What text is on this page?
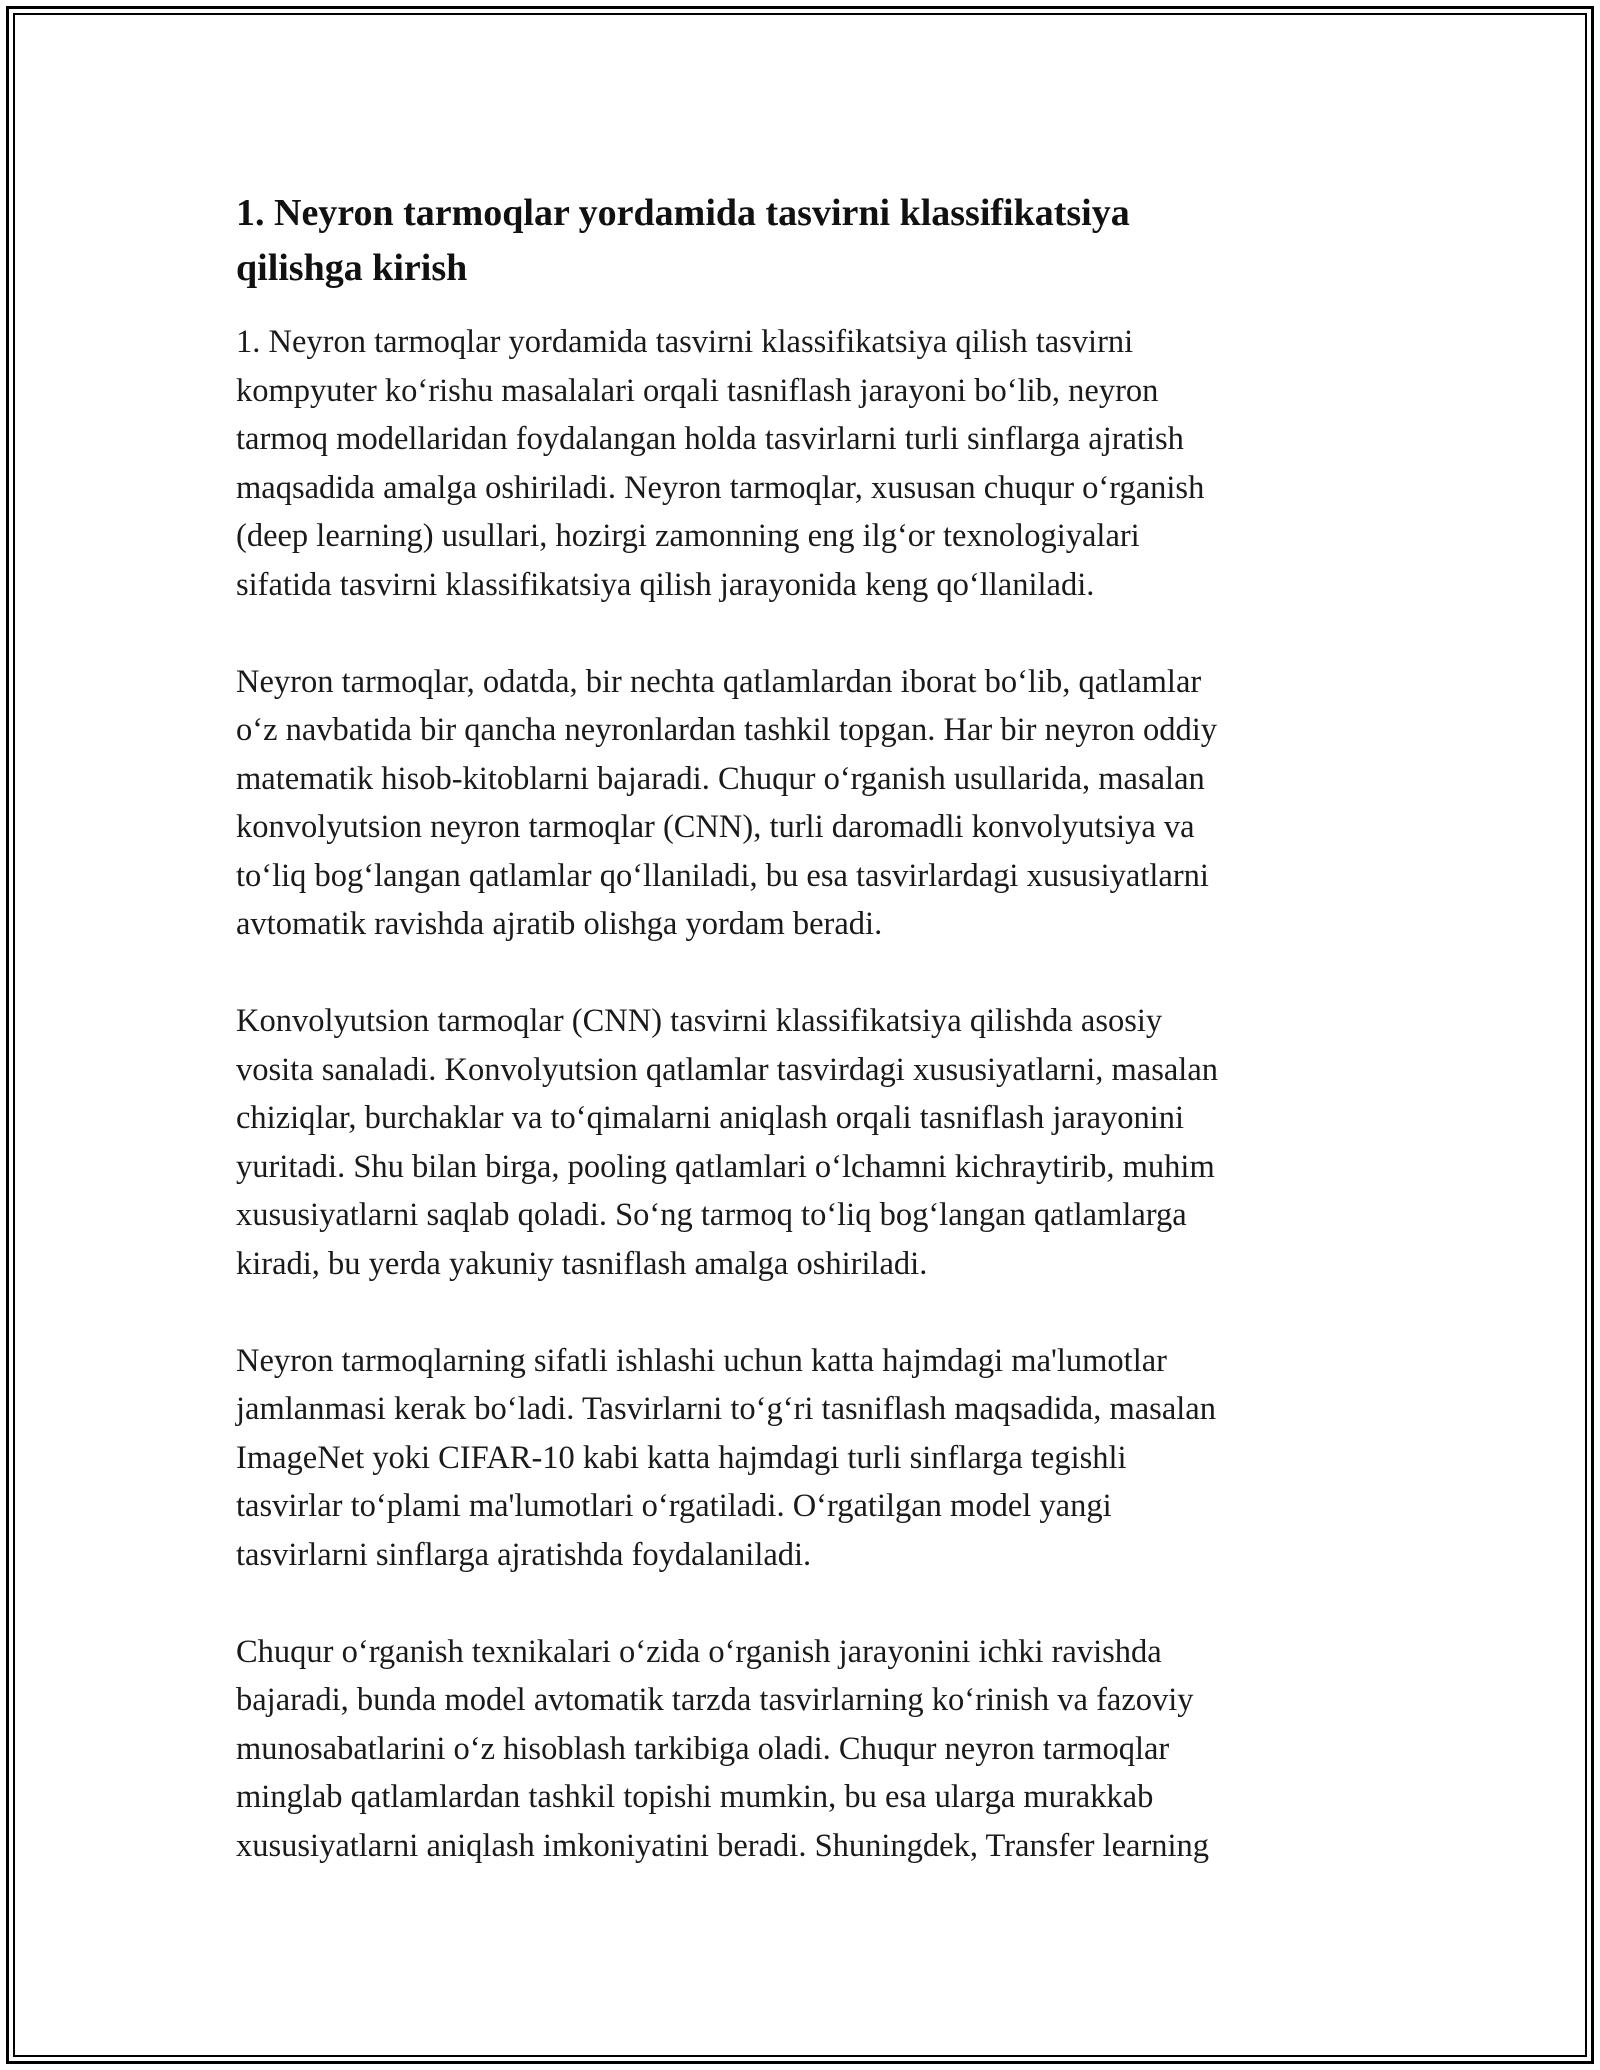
1. Neyron tarmoqlar yordamida tasvirni klassifikatsiya
qilishga kirish

1. Neyron tarmoqlar yordamida tasvirni klassifikatsiya qilish tasvirni
kompyuter koʻrishu masalalari orqali tasniflash jarayoni boʻlib, neyron
tarmoq modellaridan foydalangan holda tasvirlarni turli sinflarga ajratish
maqsadida amalga oshiriladi. Neyron tarmoqlar, xususan chuqur oʻrganish
(deep learning) usullari, hozirgi zamonning eng ilgʻor texnologiyalari
sifatida tasvirni klassifikatsiya qilish jarayonida keng qoʻllaniladi.

Neyron tarmoqlar, odatda, bir nechta qatlamlardan iborat boʻlib, qatlamlar
oʻz navbatida bir qancha neyronlardan tashkil topgan. Har bir neyron oddiy
matematik hisob-kitoblarni bajaradi. Chuqur oʻrganish usullarida, masalan
konvolyutsion neyron tarmoqlar (CNN), turli daromadli konvolyutsiya va
toʻliq bogʻlangan qatlamlar qoʻllaniladi, bu esa tasvirlardagi xususiyatlarni
avtomatik ravishda ajratib olishga yordam beradi.

Konvolyutsion tarmoqlar (CNN) tasvirni klassifikatsiya qilishda asosiy
vosita sanaladi. Konvolyutsion qatlamlar tasvirdagi xususiyatlarni, masalan
chiziqlar, burchaklar va toʻqimalarni aniqlash orqali tasniflash jarayonini
yuritadi. Shu bilan birga, pooling qatlamlari oʻlchamni kichraytirib, muhim
xususiyatlarni saqlab qoladi. Soʻng tarmoq toʻliq bogʻlangan qatlamlarga
kiradi, bu yerda yakuniy tasniflash amalga oshiriladi.

Neyron tarmoqlarning sifatli ishlashi uchun katta hajmdagi ma'lumotlar
jamlanmasi kerak boʻladi. Tasvirlarni toʻgʻri tasniflash maqsadida, masalan
ImageNet yoki CIFAR-10 kabi katta hajmdagi turli sinflarga tegishli
tasvirlar toʻplami ma'lumotlari oʻrgatiladi. Oʻrgatilgan model yangi
tasvirlarni sinflarga ajratishda foydalaniladi.

Chuqur oʻrganish texnikalari oʻzida oʻrganish jarayonini ichki ravishda
bajaradi, bunda model avtomatik tarzda tasvirlarning koʻrinish va fazoviy
munosabatlarini oʻz hisoblash tarkibiga oladi. Chuqur neyron tarmoqlar
minglab qatlamlardan tashkil topishi mumkin, bu esa ularga murakkab
xususiyatlarni aniqlash imkoniyatini beradi. Shuningdek, Transfer learning
